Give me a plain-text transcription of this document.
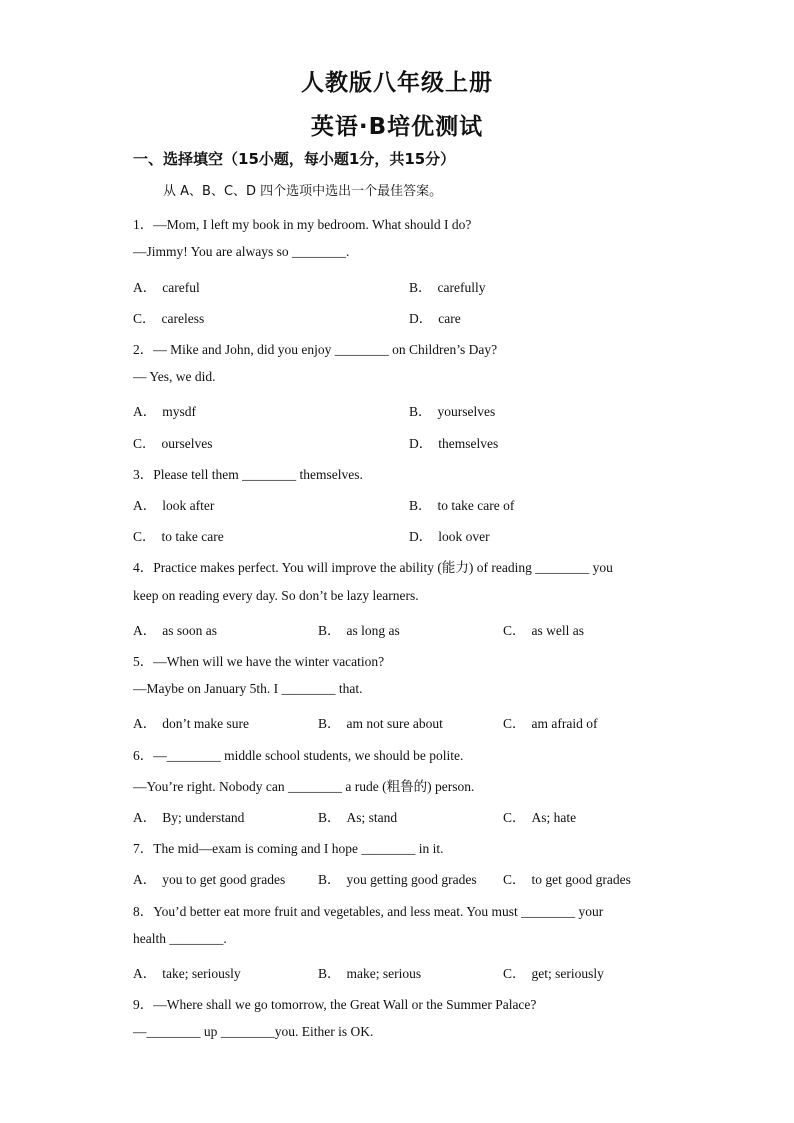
人教版八年级上册
英语·B培优测试
一、选择填空（15小题，每小题1分，共15分）
从 A、B、C、D 四个选项中选出一个最佳答案。
1．—Mom, I left my book in my bedroom. What should I do?
—Jimmy! You are always so ________.
A． careful	B． carefully
C． careless	D． care
2．— Mike and John, did you enjoy ________ on Children’s Day?
— Yes, we did.
A． mysdf	B． yourselves
C． ourselves	D． themselves
3．Please tell them ________ themselves.
A． look after	B． to take care of
C． to take care	D． look over
4．Practice makes perfect. You will improve the ability (能力) of reading ________ you
keep on reading every day. So don’t be lazy learners.
A． as soon as	B． as long as	C． as well as
5．—When will we have the winter vacation?
—Maybe on January 5th. I ________ that.
A． don’t make sure	B． am not sure about	C． am afraid of
6．—________ middle school students, we should be polite.
—You’re right. Nobody can ________ a rude (粗鲁的) person.
A． By; understand	B． As; stand	C． As; hate
7．The mid—exam is coming and I hope ________ in it.
A． you to get good grades B． you getting good grades C． to get good grades
8．You’d better eat more fruit and vegetables, and less meat. You must ________ your
health ________.
A． take; seriously	B． make; serious	C． get; seriously
9．—Where shall we go tomorrow, the Great Wall or the Summer Palace?
—________ up ________you. Either is OK.
